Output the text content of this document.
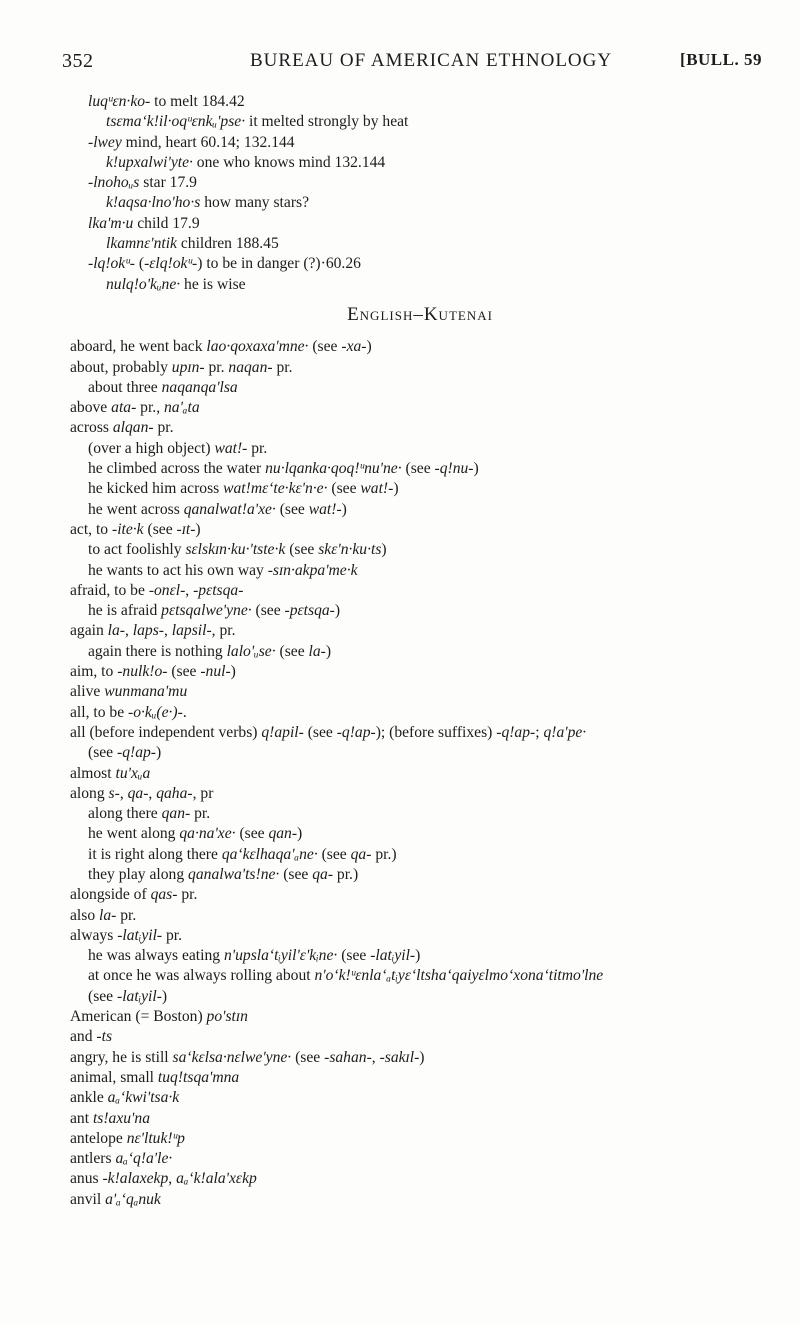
352	BUREAU OF AMERICAN ETHNOLOGY	[BULL. 59
luqᵘɛn·ko- to melt 184.42
tsɛmaʻk!il·oqᵘɛnkᵤʹpse· it melted strongly by heat
-lwey mind, heart 60.14; 132.144
k!upxalwiʹyte· one who knows mind 132.144
-lnohoᵤs star 17.9
k!aqsa·lnoʹho·s how many stars?
lkaʹm·u child 17.9
lkamnɛʹntik children 188.45
-lq!okᵘ- (-ɛlq!okᵘ-) to be in danger (?)·60.26
nulq!oʹkᵤne· he is wise
English–Kutenai
aboard, he went back lao·qoxaxaʹmne· (see -xa-)
about, probably upɪn- pr. naqan- pr.
about three naqanqaʹlsa
above ata- pr., naʹₐta
across alqan- pr.
(over a high object) wat!- pr.
he climbed across the water nu·lqanka·qoq!ᵘnuʹne· (see -q!nu-)
he kicked him across wat!mɛʻte·kɛʹn·e· (see wat!-)
he went across qanalwat!aʹxe· (see wat!-)
act, to -ite·k (see -ɪt-)
to act foolishly sɛlskɪn·ku·ʹtste·k (see skɛʹn·ku·ts)
he wants to act his own way -sɪn·akpaʹme·k
afraid, to be -onɛl-, -pɛtsqa-
he is afraid pɛtsqalweʹyne· (see -pɛtsqa-)
again la-, laps-, lapsil-, pr.
again there is nothing laloʹᵤse· (see la-)
aim, to -nulk!o- (see -nul-)
alive wunmanaʹmu
all, to be -o·kᵤ(e·)-.
all (before independent verbs) q!apil- (see -q!ap-); (before suffixes) -q!ap-; q!aʹpe·
(see -q!ap-)
almost tuʹxᵤa
along s-, qa-, qaha-, pr
along there qan- pr.
he went along qa·naʹxe· (see qan-)
it is right along there qaʻkɛlhaqaʹₐne· (see qa- pr.)
they play along qanalwaʹts!ne· (see qa- pr.)
alongside of qas- pr.
also la- pr.
always -latᵢyil- pr.
he was always eating nʹupslaʻtᵢyilʹɛʹkᵢne· (see -latᵢyil-)
at once he was always rolling about nʹoʻk!ᵘɛnlaʻₐtᵢyɛʻltshaʻqaiyɛlmoʻxonaʻtitmoʹlne
(see -latᵢyil-)
American (= Boston) poʹstɪn
and -ts
angry, he is still saʻkɛlsa·nɛlweʹyne· (see -sahan-, -sakɪl-)
animal, small tuq!tsqaʹmna
ankle aₐʻkwiʹtsa·k
ant ts!axuʹna
antelope nɛʹltuk!ᵘp
antlers aₐʻq!aʹle·
anus -k!alaxekp, aₐʻk!alaʹxɛkp
anvil aʹₐʻqₐnuk
